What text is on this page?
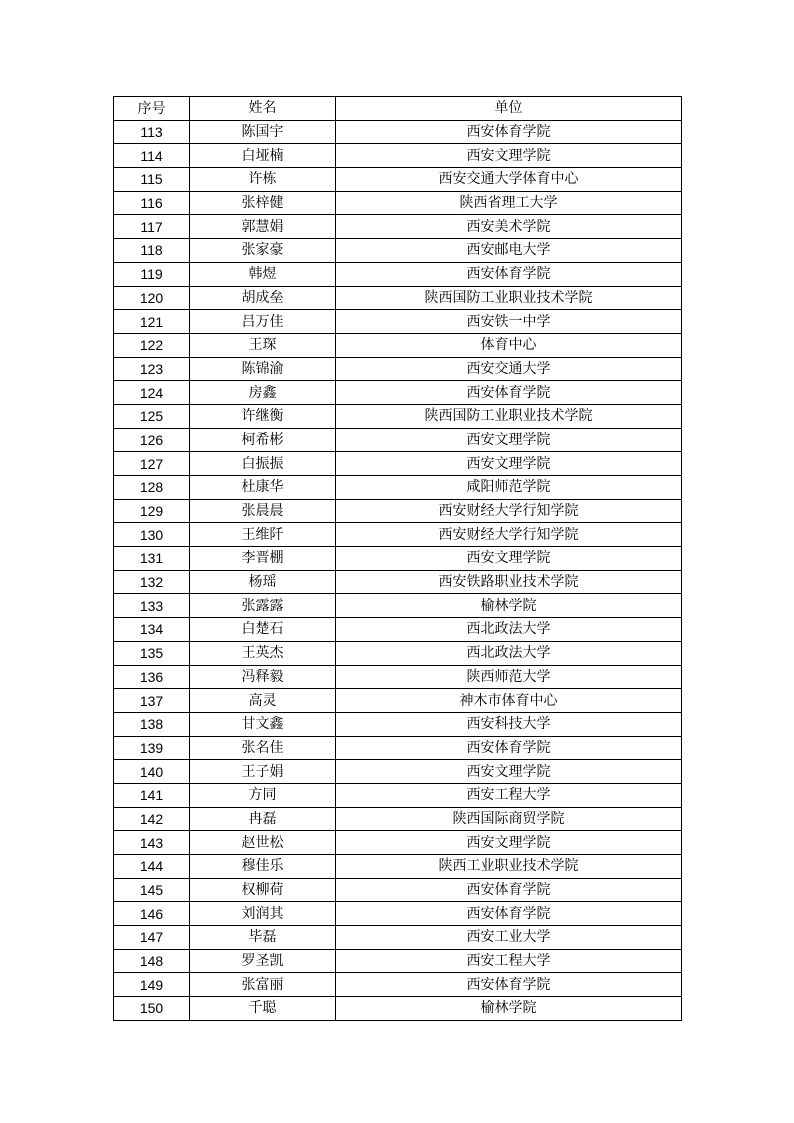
序号	姓名	单位
113	陈国宇	西安体育学院
114	白垭楠	西安文理学院
115	许栋	西安交通大学体育中心
116	张梓健	陕西省理工大学
117	郭慧娟	西安美术学院
118	张家豪	西安邮电大学
119	韩煜	西安体育学院
120	胡成垒	陕西国防工业职业技术学院
121	吕万佳	西安铁一中学
122	王琛	体育中心
123	陈锦渝	西安交通大学
124	房鑫	西安体育学院
125	许继衡	陕西国防工业职业技术学院
126	柯希彬	西安文理学院
127	白振振	西安文理学院
128	杜康华	咸阳师范学院
129	张晨晨	西安财经大学行知学院
130	王维阡	西安财经大学行知学院
131	李晋棚	西安文理学院
132	杨瑶	西安铁路职业技术学院
133	张露露	榆林学院
134	白楚石	西北政法大学
135	王英杰	西北政法大学
136	冯释毅	陕西师范大学
137	高灵	神木市体育中心
138	甘文鑫	西安科技大学
139	张名佳	西安体育学院
140	王子娟	西安文理学院
141	方同	西安工程大学
142	冉磊	陕西国际商贸学院
143	赵世松	西安文理学院
144	穆佳乐	陕西工业职业技术学院
145	权柳荷	西安体育学院
146	刘润其	西安体育学院
147	毕磊	西安工业大学
148	罗圣凯	西安工程大学
149	张富丽	西安体育学院
150	千聪	榆林学院
